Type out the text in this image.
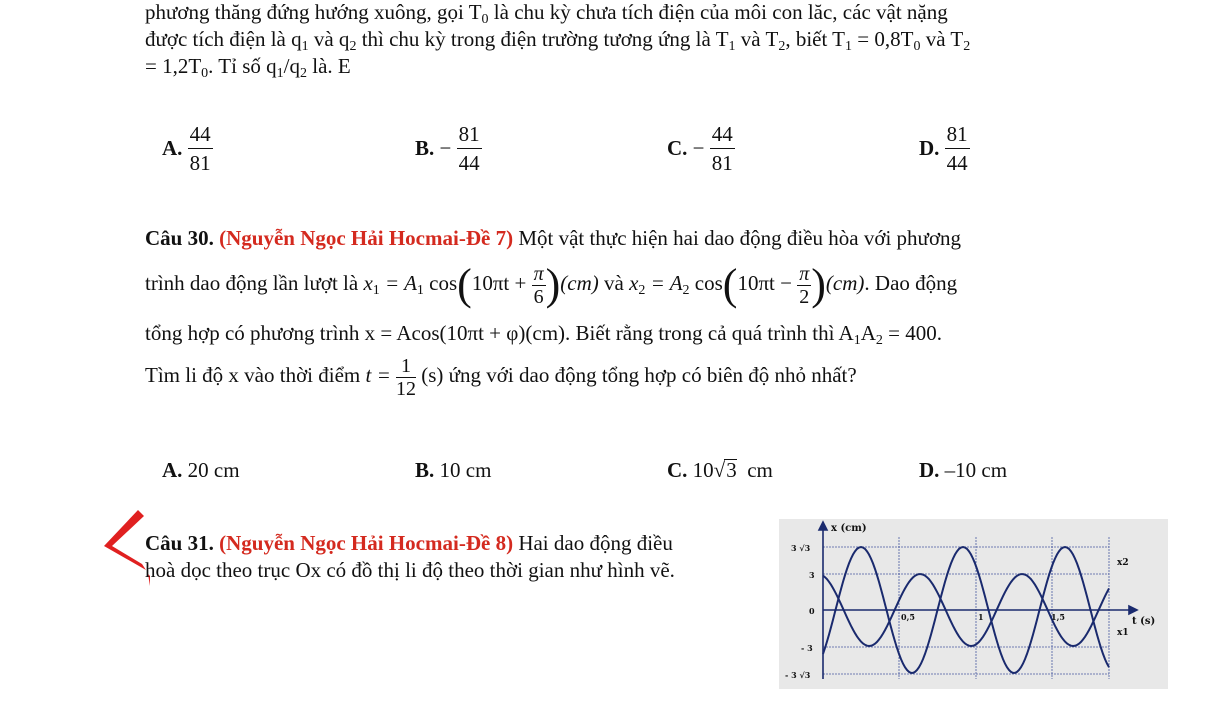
phương thăng đứng hướng xuông, gọi $T_0$ là chu kỳ chưa tích điện của môi con lăc, các vật nặng
được tích điện là $q_1$ và $q_2$ thì chu kỳ trong điện trường tương ứng là $T_1$ và $T_2$, biết $T_1 = 0,8T_0$ và $T_2$
= $1,2T_0$. Tỉ số $q_1/q_2$ là. E
A. $\frac{44}{81}$	B. − $\frac{81}{44}$	C. − $\frac{44}{81}$	D. $\frac{81}{44}$
Câu 30. (Nguyễn Ngọc Hải Hocmai-Đề 7) Một vật thực hiện hai dao động điều hòa với phương
trình dao động lần lượt là $x_1 = A_1$ $\cos(10\pi t + \frac{\pi}{6} )(cm)$ và $x_2 = A_2$ $\cos(10\pi t - \frac{\pi}{2} )(cm)$. Dao động
tổng hợp có phương trình x = Acos(10πt + φ)(cm). Biết rằng trong cả quá trình thì $A_1A_2 = 400$.
Tìm li độ x vào thời điểm $t = \frac{1}{12} (s)$ ứng với dao động tổng hợp có biên độ nhỏ nhất?
A. 20 cm	B. 10 cm	C. 10√3  cm	D. –10 cm
Câu 31. (Nguyễn Ngọc Hải Hocmai-Đề 8) Hai dao động điều
hoà dọc theo trục Ox có đồ thị li độ theo thời gian như hình vẽ.
x (cm)
t (s)
3 √3
3
0
- 3
- 3 √3
0,5	1	1,5
x2
x1
